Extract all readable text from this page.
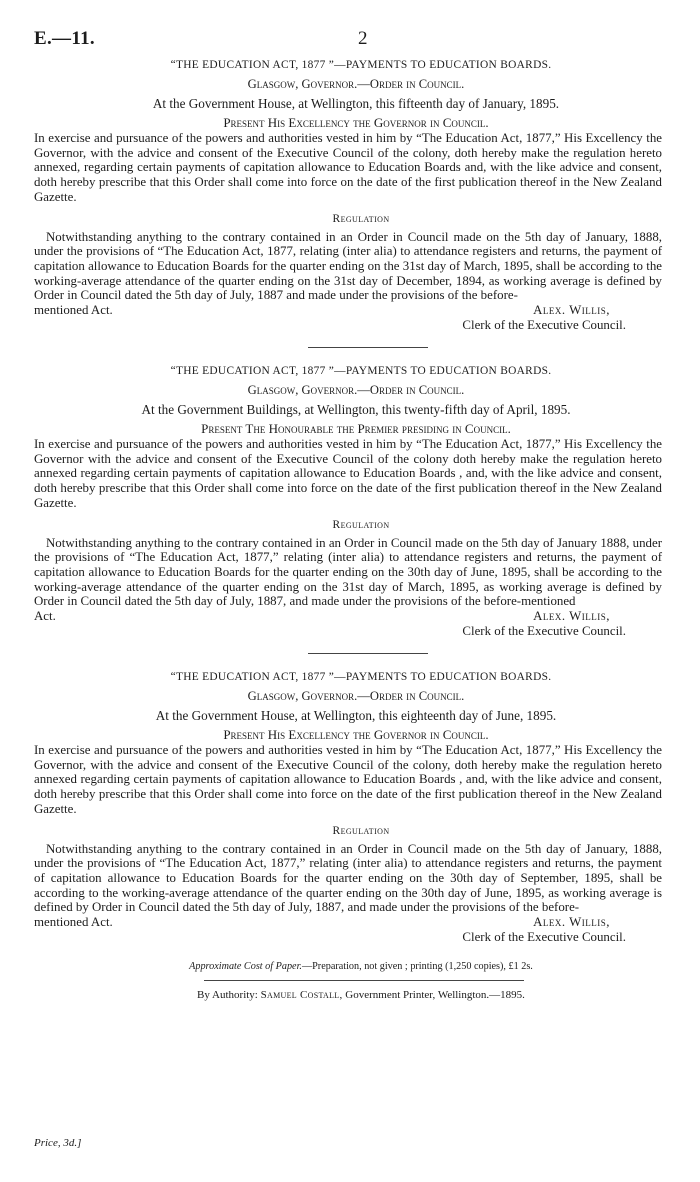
E.—11.	2
“THE EDUCATION ACT, 1877 ”—PAYMENTS TO EDUCATION BOARDS.
Glasgow, Governor.—Order in Council.
At the Government House, at Wellington, this fifteenth day of January, 1895.
Present His Excellency the Governor in Council.

In exercise and pursuance of the powers and authorities vested in him by “The Education Act, 1877,” His Excellency the Governor, with the advice and consent of the Executive Council of the colony, doth hereby make the regulation hereto annexed, regarding certain payments of capitation allowance to Education Boards and, with the like advice and consent, doth hereby prescribe that this Order shall come into force on the date of the first publication thereof in the New Zealand Gazette.

Regulation

Notwithstanding anything to the contrary contained in an Order in Council made on the 5th day of January, 1888, under the provisions of “The Education Act, 1877, relating (inter alia) to attendance registers and returns, the payment of capitation allowance to Education Boards for the quarter ending on the 31st day of March, 1895, shall be according to the working-average attendance of the quarter ending on the 31st day of December, 1894, as working average is defined by Order in Council dated the 5th day of July, 1887 and made under the provisions of the before-

mentioned Act.	Alex. Willis,
Clerk of the Executive Council.
“THE EDUCATION ACT, 1877 ”—PAYMENTS TO EDUCATION BOARDS.
Glasgow, Governor.—Order in Council.
At the Government Buildings, at Wellington, this twenty-fifth day of April, 1895.
Present The Honourable the Premier presiding in Council.

In exercise and pursuance of the powers and authorities vested in him by “The Education Act, 1877,” His Excellency the Governor with the advice and consent of the Executive Council of the colony doth hereby make the regulation hereto annexed regarding certain payments of capitation allowance to Education Boards , and, with the like advice and consent, doth hereby prescribe that this Order shall come into force on the date of the first publication thereof in the New Zealand Gazette.

Regulation

Notwithstanding anything to the contrary contained in an Order in Council made on the 5th day of January 1888, under the provisions of “The Education Act, 1877,” relating (inter alia) to attendance registers and returns, the payment of capitation allowance to Education Boards for the quarter ending on the 30th day of June, 1895, shall be according to the working-average attendance of the quarter ending on the 31st day of March, 1895, as working average is defined by Order in Council dated the 5th day of July, 1887, and made under the provisions of the before-mentioned

Act.	Alex. Willis,
Clerk of the Executive Council.
“THE EDUCATION ACT, 1877 ”—PAYMENTS TO EDUCATION BOARDS.
Glasgow, Governor.—Order in Council.
At the Government House, at Wellington, this eighteenth day of June, 1895.
Present His Excellency the Governor in Council.

In exercise and pursuance of the powers and authorities vested in him by “The Education Act, 1877,” His Excellency the Governor, with the advice and consent of the Executive Council of the colony, doth hereby make the regulation hereto annexed regarding certain payments of capitation allowance to Education Boards , and, with the like advice and consent, doth hereby prescribe that this Order shall come into force on the date of the first publication thereof in the New Zealand Gazette.

Regulation

Notwithstanding anything to the contrary contained in an Order in Council made on the 5th day of January, 1888, under the provisions of “The Education Act, 1877,” relating (inter alia) to attendance registers and returns, the payment of capitation allowance to Education Boards for the quarter ending on the 30th day of September, 1895, shall be according to the working-average attendance of the quarter ending on the 30th day of June, 1895, as working average is defined by Order in Council dated the 5th day of July, 1887, and made under the provisions of the before-

mentioned Act.	Alex. Willis,
Clerk of the Executive Council.
Approximate Cost of Paper.—Preparation, not given ; printing (1,250 copies), £1 2s.
By Authority: Samuel Costall, Government Printer, Wellington.—1895.
Price, 3d.]
